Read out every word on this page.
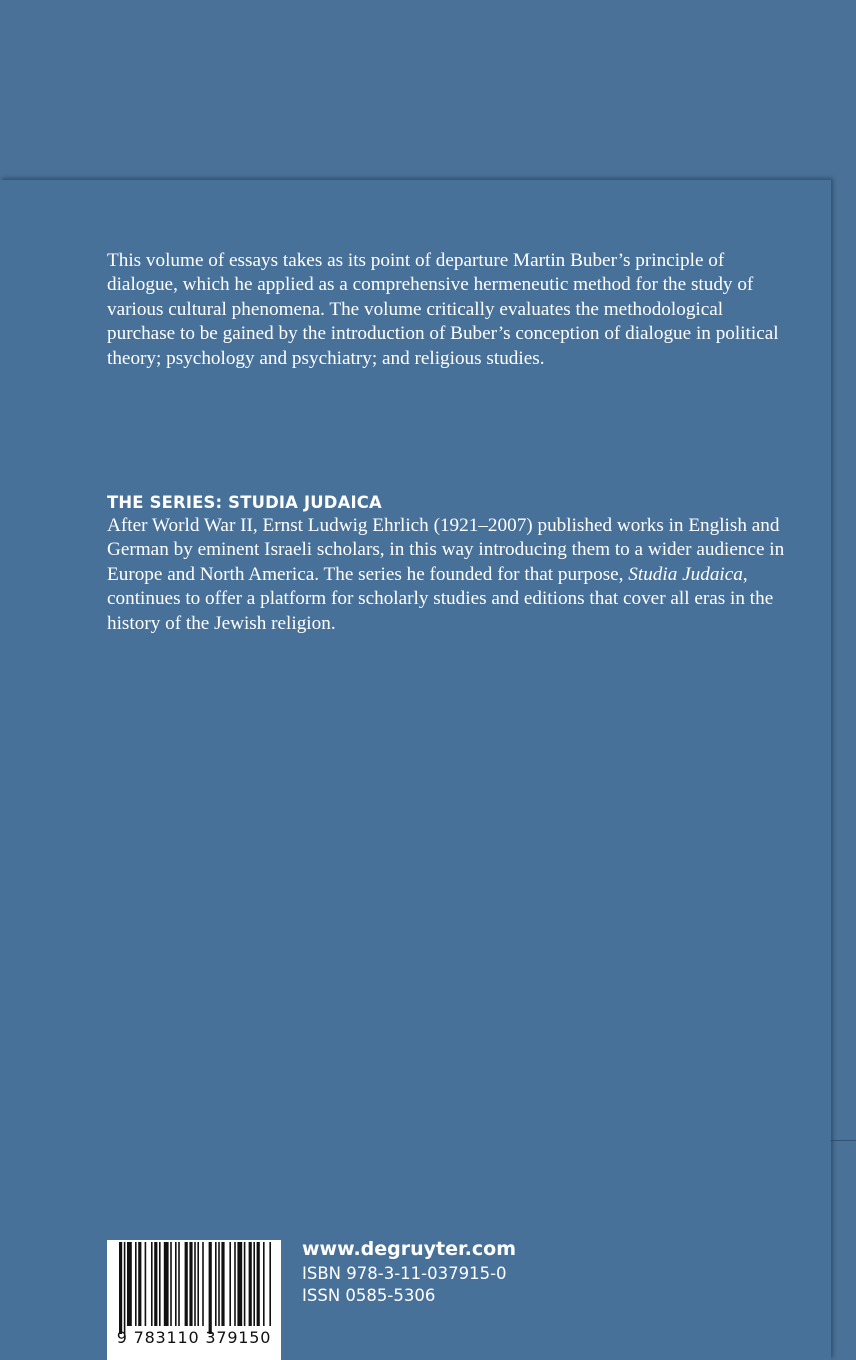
This volume of essays takes as its point of departure Martin Buber’s principle of dialogue, which he applied as a comprehensive hermeneutic method for the study of various cultural phenomena. The volume critically evaluates the methodological purchase to be gained by the introduction of Buber’s conception of dialogue in political theory; psychology and psychiatry; and religious studies.

THE SERIES: STUDIA JUDAICA

After World War II, Ernst Ludwig Ehrlich (1921–2007) published works in English and German by eminent Israeli scholars, in this way introducing them to a wider audience in Europe and North America. The series he founded for that purpose, Studia Judaica, continues to offer a platform for scholarly studies and editions that cover all eras in the history of the Jewish religion.

9 783110 379150
www.degruyter.com
ISBN 978-3-11-037915-0
ISSN 0585-5306
